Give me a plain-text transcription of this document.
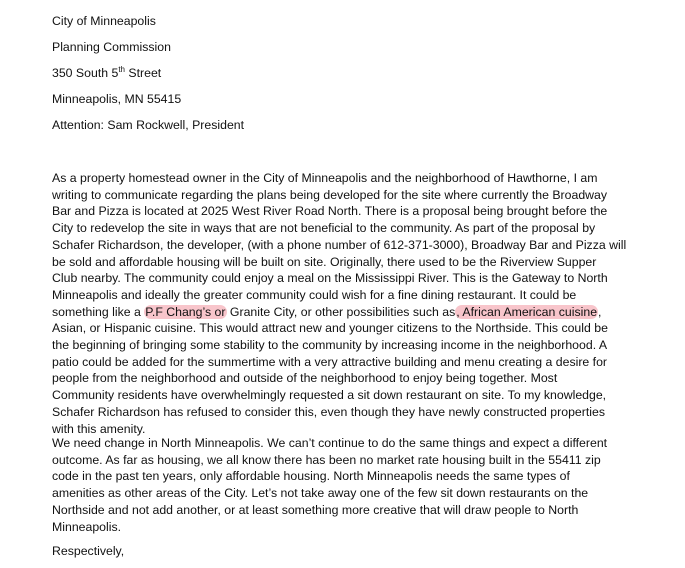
City of Minneapolis

Planning Commission

350 South 5th Street

Minneapolis, MN 55415

Attention: Sam Rockwell, President

As a property homestead owner in the City of Minneapolis and the neighborhood of Hawthorne, I am
writing to communicate regarding the plans being developed for the site where currently the Broadway
Bar and Pizza is located at 2025 West River Road North. There is a proposal being brought before the
City to redevelop the site in ways that are not beneficial to the community. As part of the proposal by
Schafer Richardson, the developer, (with a phone number of 612-371-3000), Broadway Bar and Pizza will
be sold and affordable housing will be built on site. Originally, there used to be the Riverview Supper
Club nearby. The community could enjoy a meal on the Mississippi River. This is the Gateway to North
Minneapolis and ideally the greater community could wish for a fine dining restaurant. It could be
something like a P.F Chang’s or Granite City, or other possibilities such as, African American cuisine,
Asian, or Hispanic cuisine. This would attract new and younger citizens to the Northside. This could be
the beginning of bringing some stability to the community by increasing income in the neighborhood. A
patio could be added for the summertime with a very attractive building and menu creating a desire for
people from the neighborhood and outside of the neighborhood to enjoy being together. Most
Community residents have overwhelmingly requested a sit down restaurant on site. To my knowledge,
Schafer Richardson has refused to consider this, even though they have newly constructed properties
with this amenity.
We need change in North Minneapolis. We can’t continue to do the same things and expect a different
outcome. As far as housing, we all know there has been no market rate housing built in the 55411 zip
code in the past ten years, only affordable housing. North Minneapolis needs the same types of
amenities as other areas of the City. Let’s not take away one of the few sit down restaurants on the
Northside and not add another, or at least something more creative that will draw people to North
Minneapolis.

Respectively,
